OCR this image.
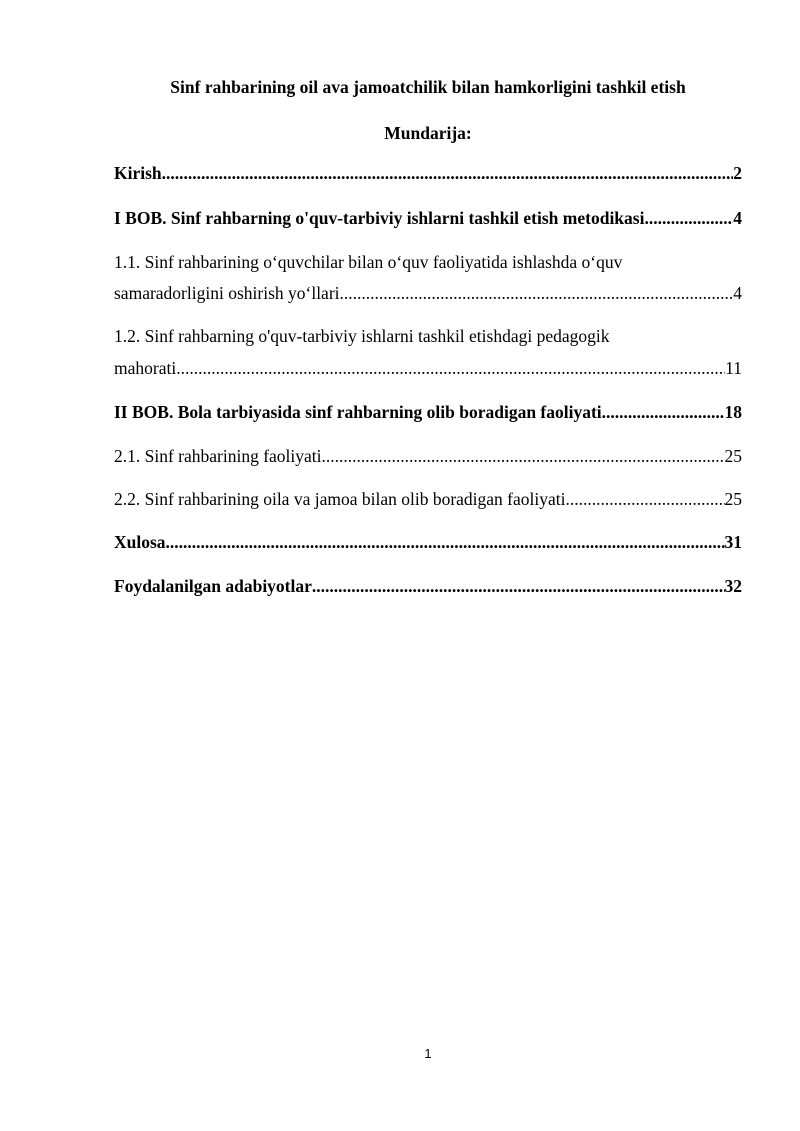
Sinf rahbarining oil ava jamoatchilik bilan hamkorligini tashkil etish
Mundarija:
Kirish .....	2
I BOB. Sinf rahbarning o'quv-tarbiviy ishlarni tashkil etish metodikasi .....	4
1.1. Sinf rahbarining o‘quvchilar bilan o‘quv faoliyatida ishlashda o‘quv
samaradorligini oshirish yo‘llari .....	4
1.2. Sinf rahbarning o'quv-tarbiviy ishlarni tashkil etishdagi pedagogik
mahorati .....	11
II BOB. Bola tarbiyasida sinf rahbarning olib boradigan faoliyati .....	18
2.1. Sinf rahbarining faoliyati .....	25
2.2. Sinf rahbarining oila va jamoa bilan olib boradigan faoliyati .....	25
Xulosa .....	31
Foydalanilgan adabiyotlar .....	32
1
